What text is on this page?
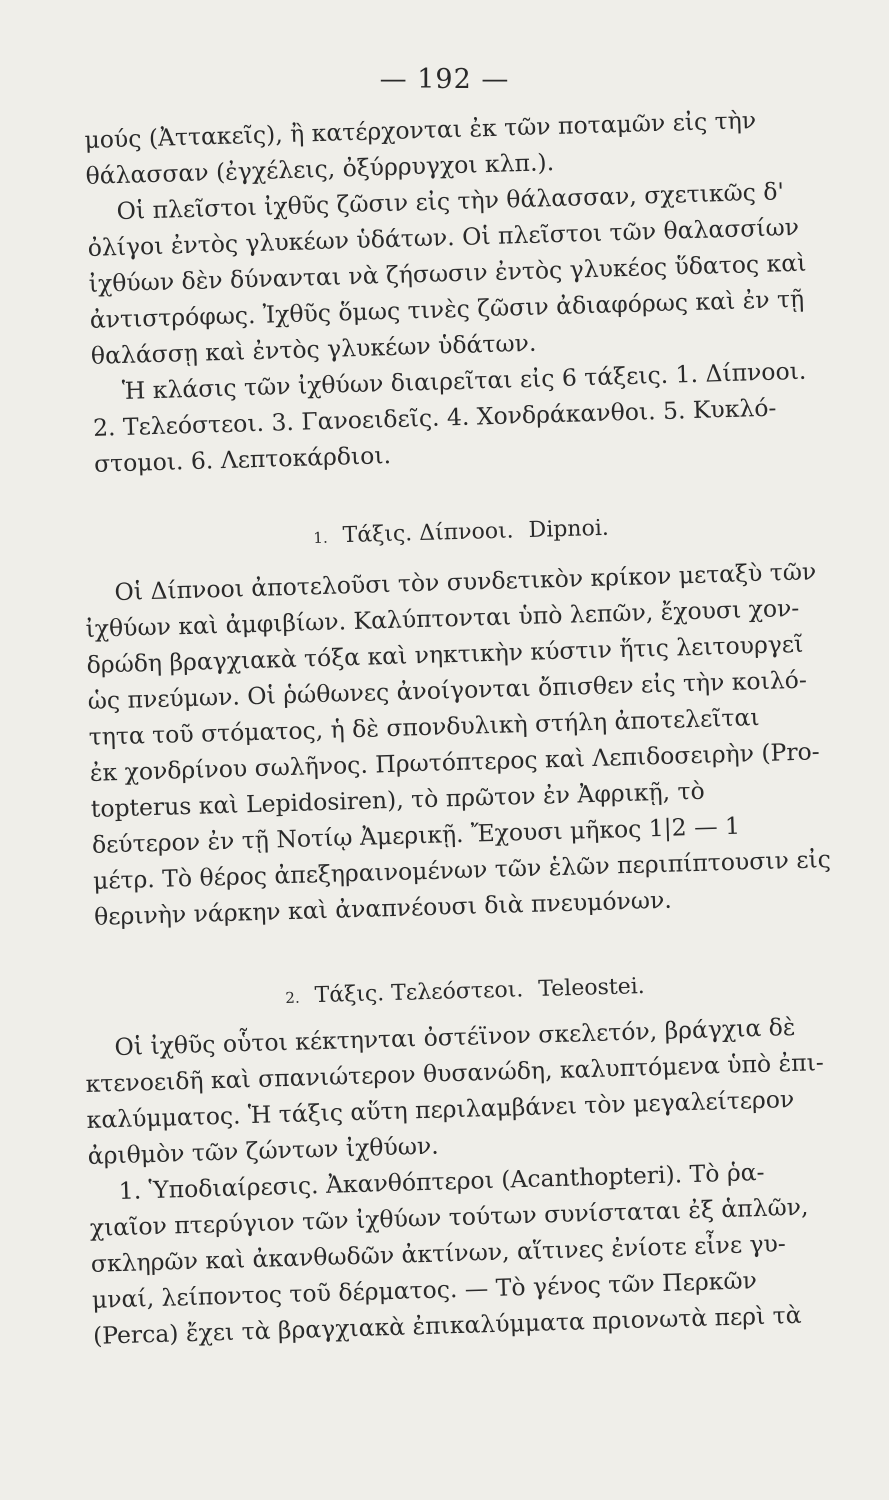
— 192 —
μούς (Ἀττακεῖς), ἢ κατέρχονται ἐκ τῶν ποταμῶν εἰς τὴν
θάλασσαν (ἐγχέλεις, ὀξύρρυγχοι κλπ.).
Οἱ πλεῖστοι ἰχθῦς ζῶσιν εἰς τὴν θάλασσαν, σχετικῶς δ'
ὀλίγοι ἐντὸς γλυκέων ὑδάτων. Οἱ πλεῖστοι τῶν θαλασσίων
ἰχθύων δὲν δύνανται νὰ ζήσωσιν ἐντὸς γλυκέος ὕδατος καὶ
ἀντιστρόφως. Ἰχθῦς ὅμως τινὲς ζῶσιν ἀδιαφόρως καὶ ἐν τῇ
θαλάσσῃ καὶ ἐντὸς γλυκέων ὑδάτων.
Ἡ κλάσις τῶν ἰχθύων διαιρεῖται εἰς 6 τάξεις. 1. Δίπνοοι.
2. Τελεόστεοι. 3. Γανοειδεῖς. 4. Χονδράκανθοι. 5. Κυκλό-
στομοι. 6. Λεπτοκάρδιοι.
1. Τάξις. Δίπνοοι. Dipnoi.
Οἱ Δίπνοοι ἀποτελοῦσι τὸν συνδετικὸν κρίκον μεταξὺ τῶν
ἰχθύων καὶ ἀμφιβίων. Καλύπτονται ὑπὸ λεπῶν, ἔχουσι χον-
δρώδη βραγχιακὰ τόξα καὶ νηκτικὴν κύστιν ἥτις λειτουργεῖ
ὡς πνεύμων. Οἱ ῥώθωνες ἀνοίγονται ὄπισθεν εἰς τὴν κοιλό-
τητα τοῦ στόματος, ἡ δὲ σπονδυλικὴ στήλη ἀποτελεῖται
ἐκ χονδρίνου σωλῆνος. Πρωτόπτερος καὶ Λεπιδοσειρὴν (Pro-
topterus καὶ Lepidosiren), τὸ πρῶτον ἐν Ἀφρικῇ, τὸ
δεύτερον ἐν τῇ Νοτίῳ Ἀμερικῇ. Ἔχουσι μῆκος 1|2 — 1
μέτρ. Τὸ θέρος ἀπεξηραινομένων τῶν ἑλῶν περιπίπτουσιν εἰς
θερινὴν νάρκην καὶ ἀναπνέουσι διὰ πνευμόνων.
2. Τάξις. Τελεόστεοι. Teleostei.
Οἱ ἰχθῦς οὗτοι κέκτηνται ὀστέϊνον σκελετόν, βράγχια δὲ
κτενοειδῆ καὶ σπανιώτερον θυσανώδη, καλυπτόμενα ὑπὸ ἐπι-
καλύμματος. Ἡ τάξις αὕτη περιλαμβάνει τὸν μεγαλείτερον
ἀριθμὸν τῶν ζώντων ἰχθύων.
1. Ὑποδιαίρεσις. Ἀκανθόπτεροι (Acanthopteri). Τὸ ῥα-
χιαῖον πτερύγιον τῶν ἰχθύων τούτων συνίσταται ἐξ ἁπλῶν,
σκληρῶν καὶ ἀκανθωδῶν ἀκτίνων, αἵτινες ἐνίοτε εἶνε γυ-
μναί, λείποντος τοῦ δέρματος. — Τὸ γένος τῶν Περκῶν
(Perca) ἔχει τὰ βραγχιακὰ ἐπικαλύμματα πριονωτὰ περὶ τὰ
